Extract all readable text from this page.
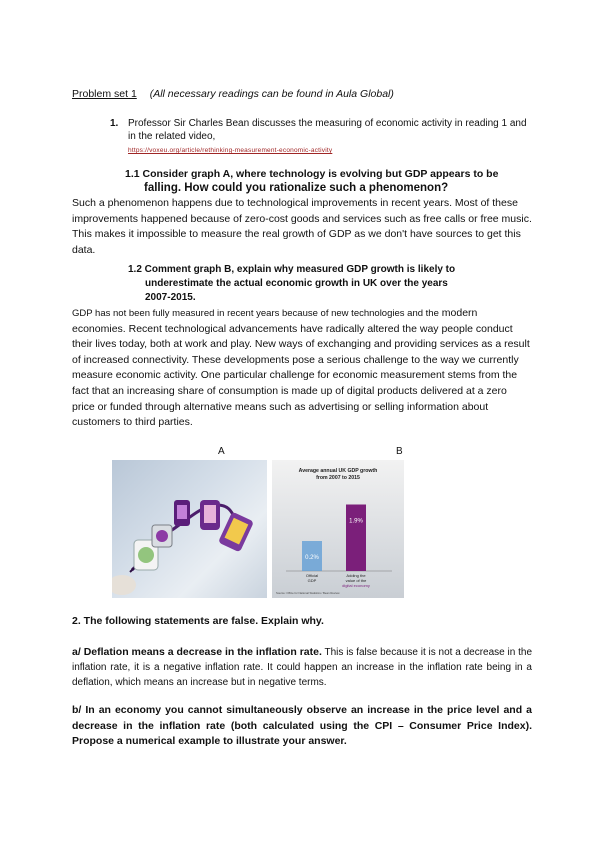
Problem set 1 (All necessary readings can be found in Aula Global)
1. Professor Sir Charles Bean discusses the measuring of economic activity in reading 1 and in the related video,
https://voxeu.org/article/rethinking-measurement-economic-activity
1.1 Consider graph A, where technology is evolving but GDP appears to be
falling. How could you rationalize such a phenomenon?
Such a phenomenon happens due to technological improvements in recent years. Most of these improvements happened because of zero-cost goods and services such as free calls or free music. This makes it impossible to measure the real growth of GDP as we don't have sources to get this data.
1.2 Comment graph B, explain why measured GDP growth is likely to
underestimate the actual economic growth in UK over the years
2007-2015.
GDP has not been fully measured in recent years because of new technologies and the modern economies. Recent technological advancements have radically altered the way people conduct their lives today, both at work and play. New ways of exchanging and providing services as a result of increased connectivity. These developments pose a serious challenge to the way we currently measure economic activity. One particular challenge for economic measurement stems from the fact that an increasing share of consumption is made up of digital products delivered at a zero price or funded through alternative means such as advertising or selling information about customers to third parties.
A	B
Average annual UK GDP growth
from 2007 to 2015
0.2%
Official
GDP
1.9%
Adding the
value of the
digital economy
Source: Office for National Statistics / Bean Review
2. The following statements are false. Explain why.
a/ Deflation means a decrease in the inflation rate. This is false because it is not a decrease in the inflation rate, it is a negative inflation rate. It could happen an increase in the inflation rate being in a deflation, which means an increase but in negative terms.
b/ In an economy you cannot simultaneously observe an increase in the price level and a decrease in the inflation rate (both calculated using the CPI – Consumer Price Index). Propose a numerical example to illustrate your answer.
